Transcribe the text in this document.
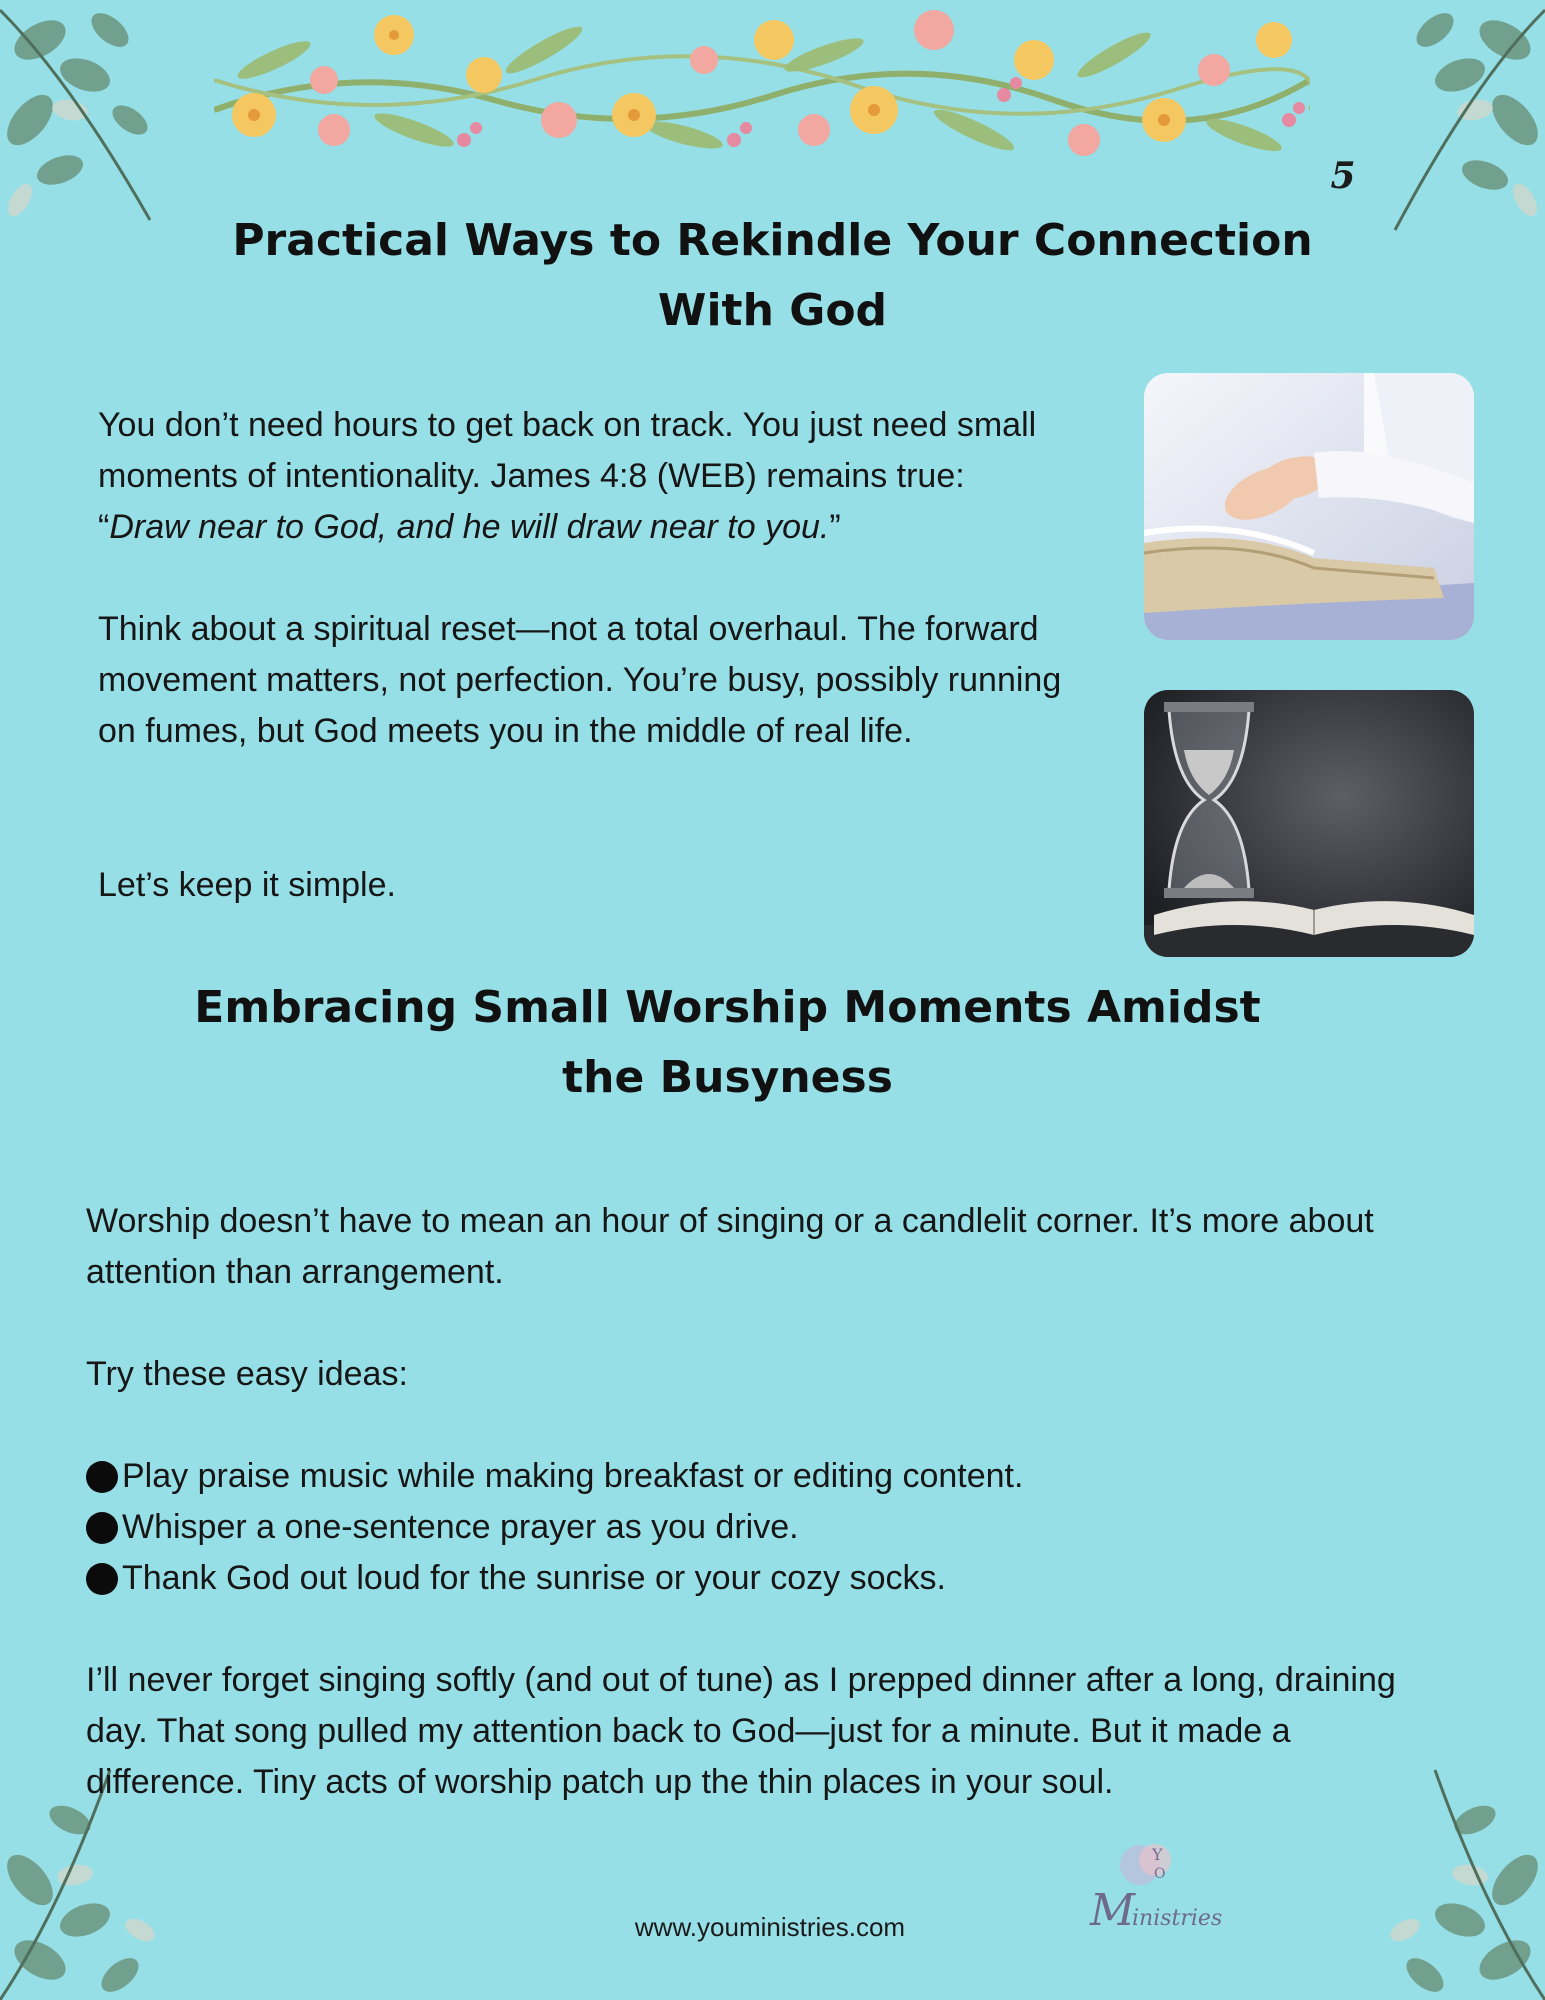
5
Practical Ways to Rekindle Your Connection With God

You don’t need hours to get back on track. You just need small moments of intentionality. James 4:8 (WEB) remains true: “Draw near to God, and he will draw near to you.”

Think about a spiritual reset—not a total overhaul. The forward movement matters, not perfection. You’re busy, possibly running on fumes, but God meets you in the middle of real life.

Let’s keep it simple.

Embracing Small Worship Moments Amidst the Busyness

Worship doesn’t have to mean an hour of singing or a candlelit corner. It’s more about attention than arrangement.

Try these easy ideas:

Play praise music while making breakfast or editing content.
Whisper a one-sentence prayer as you drive.
Thank God out loud for the sunrise or your cozy socks.

I’ll never forget singing softly (and out of tune) as I prepped dinner after a long, draining day. That song pulled my attention back to God—just for a minute. But it made a difference. Tiny acts of worship patch up the thin places in your soul.

www.youministries.com
Y
O
M
inistries
